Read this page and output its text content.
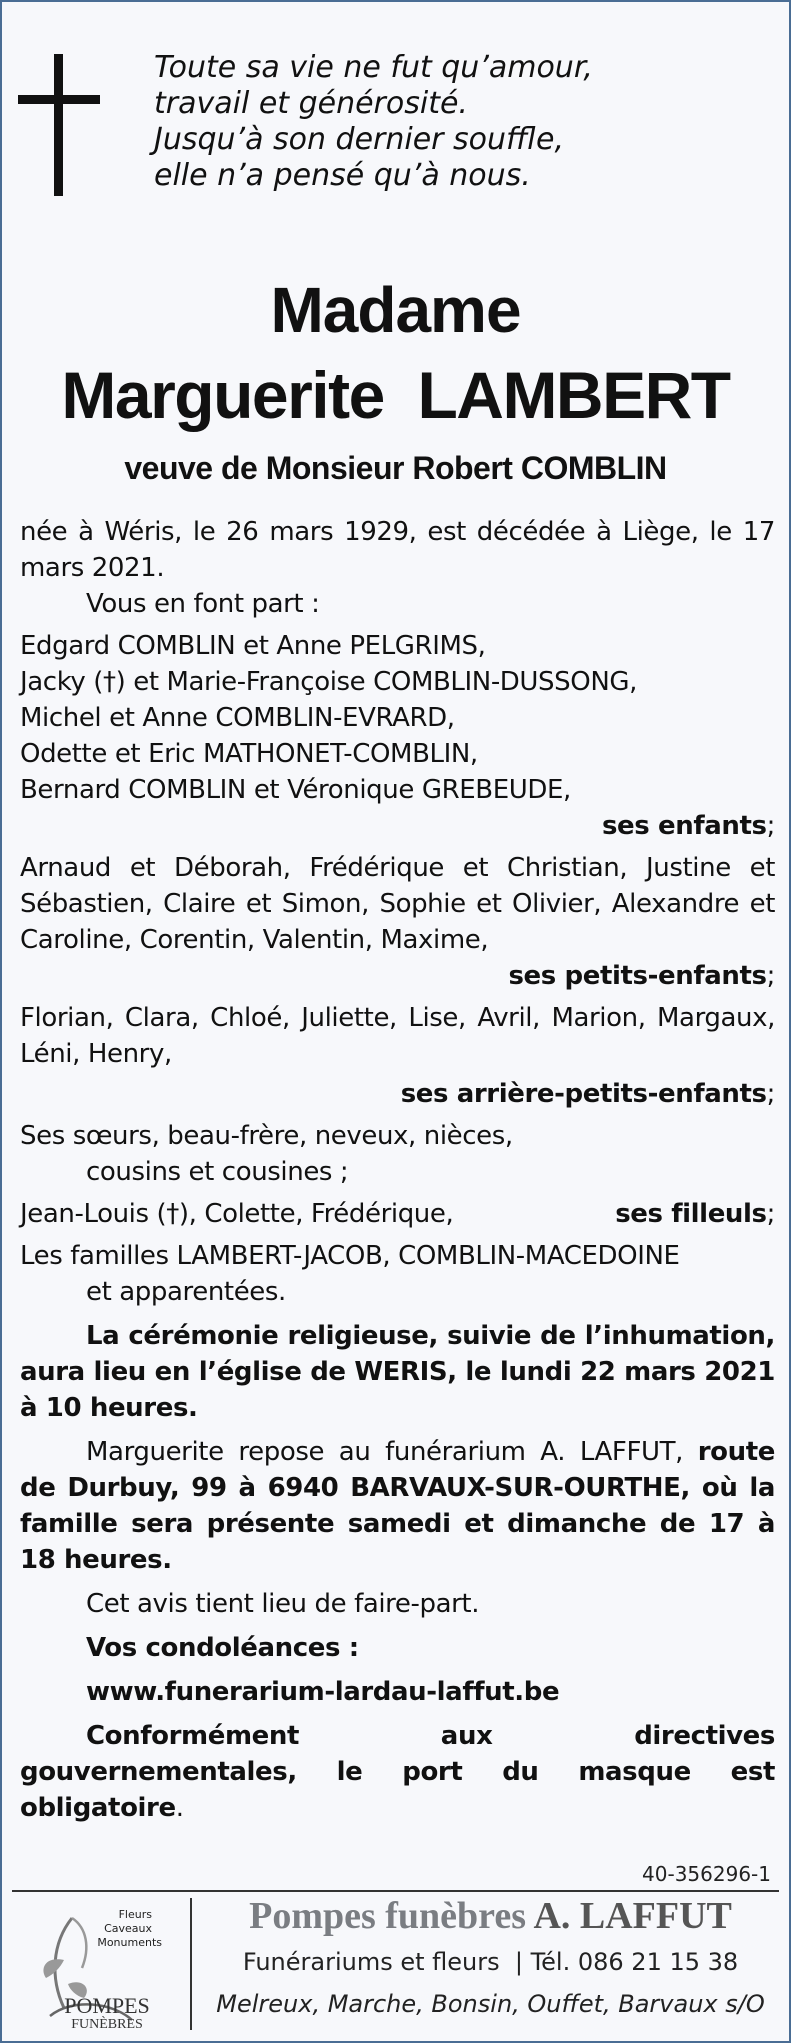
Toute sa vie ne fut qu’amour,
travail et générosité.
Jusqu’à son dernier souffle,
elle n’a pensé qu’à nous.
Madame
Marguerite  LAMBERT
veuve de Monsieur Robert COMBLIN

née à Wéris, le 26 mars 1929, est décédée à Liège, le 17 mars 2021.

Vous en font part :

Edgard COMBLIN et Anne PELGRIMS,
Jacky (†) et Marie-Françoise COMBLIN-DUSSONG,
Michel et Anne COMBLIN-EVRARD,
Odette et Eric MATHONET-COMBLIN,
Bernard COMBLIN et Véronique GREBEUDE,
ses enfants;

Arnaud et Déborah, Frédérique et Christian, Justine et Sébastien, Claire et Simon, Sophie et Olivier, Alexandre et Caroline, Corentin, Valentin, Maxime,

ses petits-enfants;

Florian, Clara, Chloé, Juliette, Lise, Avril, Marion, Margaux, Léni, Henry,

ses arrière-petits-enfants;
Ses sœurs, beau-frère, neveux, nièces,
cousins et cousines ;
Jean-Louis (†), Colette, Frédérique,	ses filleuls;
Les familles LAMBERT-JACOB, COMBLIN-MACEDOINE
et apparentées.

La cérémonie religieuse, suivie de l’inhumation, aura lieu en l’église de WERIS, le lundi 22 mars 2021 à 10 heures.

Marguerite repose au funérarium A. LAFFUT, route de Durbuy, 99 à 6940 BARVAUX-SUR-OURTHE, où la famille sera présente samedi et dimanche de 17 à 18 heures.

Cet avis tient lieu de faire-part.

Vos condoléances :

www.funerarium-lardau-laffut.be

Conformément aux directives gouvernementales, le port du masque est obligatoire.

40-356296-1
Fleurs
Caveaux
Monuments
POMPES
FUNÈBRES
Pompes funèbres A. LAFFUT
Funérariums et fleurs  | Tél. 086 21 15 38
Melreux, Marche, Bonsin, Ouffet, Barvaux s/O
